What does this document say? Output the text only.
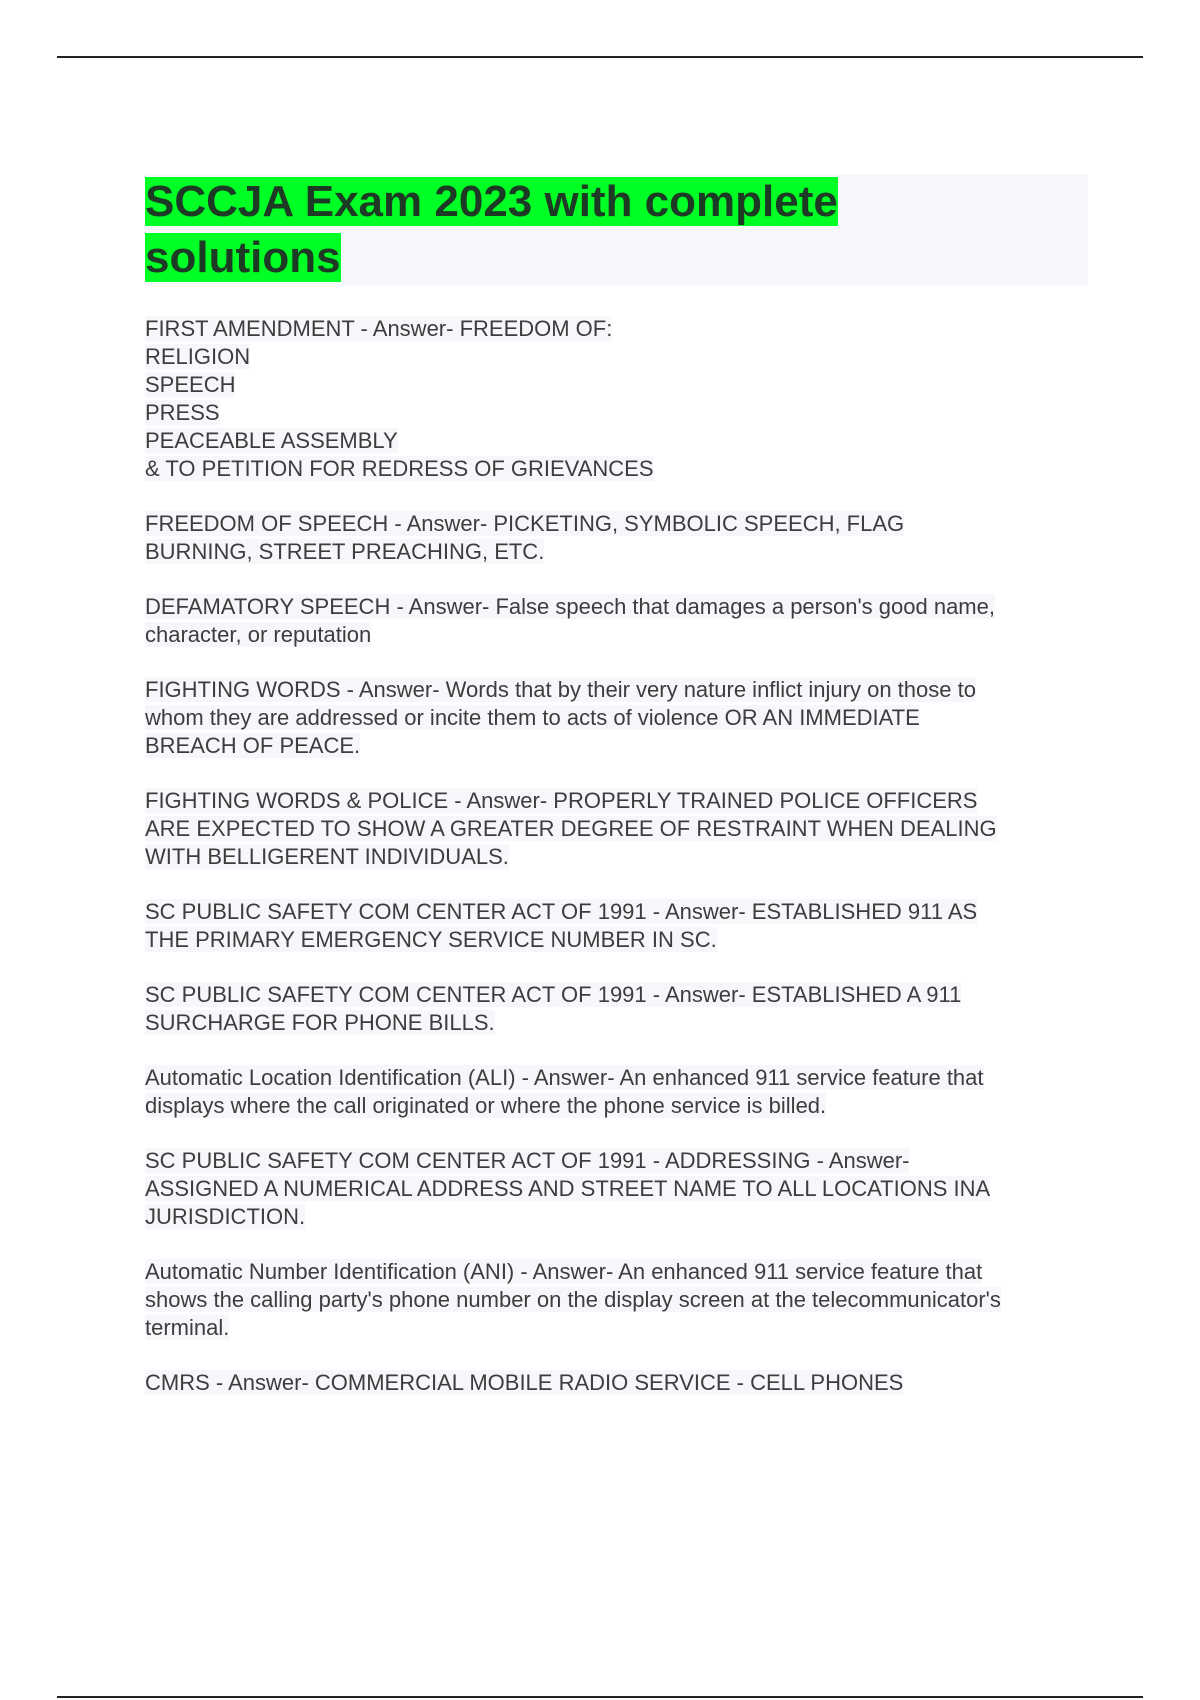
SCCJA Exam 2023 with complete solutions
FIRST AMENDMENT - Answer- FREEDOM OF:
RELIGION
SPEECH
PRESS
PEACEABLE ASSEMBLY
& TO PETITION FOR REDRESS OF GRIEVANCES
FREEDOM OF SPEECH - Answer- PICKETING, SYMBOLIC SPEECH, FLAG
BURNING, STREET PREACHING, ETC.
DEFAMATORY SPEECH - Answer- False speech that damages a person's good name,
character, or reputation
FIGHTING WORDS - Answer- Words that by their very nature inflict injury on those to
whom they are addressed or incite them to acts of violence OR AN IMMEDIATE
BREACH OF PEACE.
FIGHTING WORDS & POLICE - Answer- PROPERLY TRAINED POLICE OFFICERS
ARE EXPECTED TO SHOW A GREATER DEGREE OF RESTRAINT WHEN DEALING
WITH BELLIGERENT INDIVIDUALS.
SC PUBLIC SAFETY COM CENTER ACT OF 1991 - Answer- ESTABLISHED 911 AS
THE PRIMARY EMERGENCY SERVICE NUMBER IN SC.
SC PUBLIC SAFETY COM CENTER ACT OF 1991 - Answer- ESTABLISHED A 911
SURCHARGE FOR PHONE BILLS.
Automatic Location Identification (ALI) - Answer- An enhanced 911 service feature that
displays where the call originated or where the phone service is billed.
SC PUBLIC SAFETY COM CENTER ACT OF 1991 - ADDRESSING - Answer-
ASSIGNED A NUMERICAL ADDRESS AND STREET NAME TO ALL LOCATIONS INA
JURISDICTION.
Automatic Number Identification (ANI) - Answer- An enhanced 911 service feature that
shows the calling party's phone number on the display screen at the telecommunicator's
terminal.
CMRS - Answer- COMMERCIAL MOBILE RADIO SERVICE - CELL PHONES
